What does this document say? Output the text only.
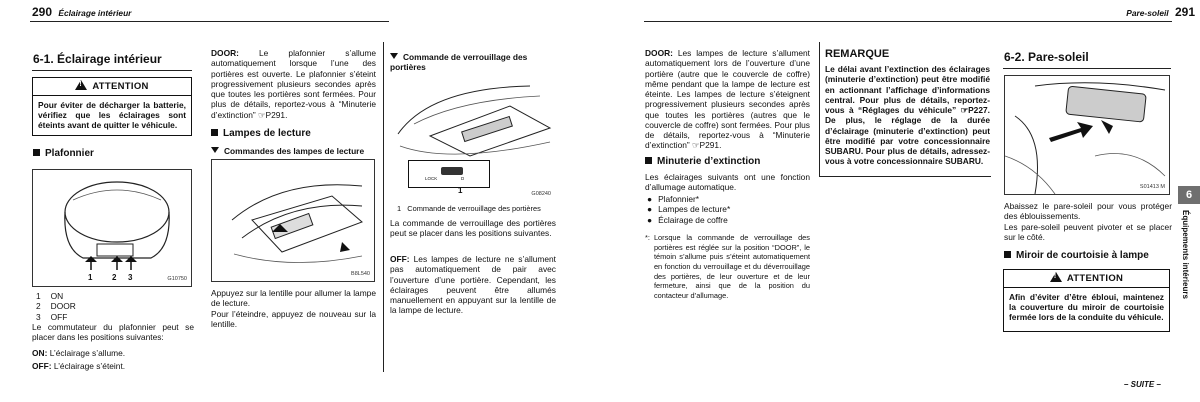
290 Éclairage intérieur
6-1. Éclairage intérieur
!ATTENTION
Pour éviter de décharger la batterie, vérifiez que les éclairages sont éteints avant de quitter le véhicule.
Plafonnier
1 2 3	G10750
1 ON
2 DOOR
3 OFF
Le commutateur du plafonnier peut se placer dans les positions suivantes:
ON: L’éclairage s’allume.
OFF: L’éclairage s’éteint.
DOOR: Le plafonnier s’allume automatiquement lorsque l’une des portières est ouverte. Le plafonnier s’éteint progressivement plusieurs secondes après que toutes les portières sont fermées. Pour plus de détails, reportez-vous à “Minuterie d’extinction” ☞P291.
Lampes de lecture
Commandes des lampes de lecture
B8L540
Appuyez sur la lentille pour allumer la lampe de lecture.
Pour l’éteindre, appuyez de nouveau sur la lentille.
Commande de verrouillage des portières
LOCK	D
1	G08240
1 Commande de verrouillage des portières
La commande de verrouillage des portières peut se placer dans les positions suivantes.
OFF: Les lampes de lecture ne s’allument pas automatiquement de pair avec l’ouverture d’une portière. Cependant, les éclairages peuvent être allumés manuellement en appuyant sur la lentille de la lampe de lecture.
Pare-soleil 291
DOOR: Les lampes de lecture s’allument automatiquement lors de l’ouverture d’une portière (autre que le couvercle de coffre) même pendant que la lampe de lecture est éteinte. Les lampes de lecture s’éteignent progressivement plusieurs secondes après que toutes les portières (autres que le couvercle de coffre) sont fermées. Pour plus de détails, reportez-vous à “Minuterie d’extinction” ☞P291.
Minuterie d’extinction
Les éclairages suivants ont une fonction d’allumage automatique.
● Plafonnier*
● Lampes de lecture*
● Éclairage de coffre
*: Lorsque la commande de verrouillage des portières est réglée sur la position “DOOR”, le témoin s’allume puis s’éteint automatiquement en fonction du verrouillage et du déverrouillage des portières, de leur ouverture et de leur fermeture, ainsi que de la position du contacteur d’allumage.
REMARQUE
Le délai avant l’extinction des éclairages (minuterie d’extinction) peut être modifié en actionnant l’affichage d’informations central. Pour plus de détails, reportez-vous à “Réglages du véhicule” ☞P227. De plus, le réglage de la durée d’éclairage (minuterie d’extinction) peut être modifié par votre concessionnaire SUBARU. Pour plus de détails, adressez-vous à votre concessionnaire SUBARU.
6-2. Pare-soleil
S01413 M
Abaissez le pare-soleil pour vous protéger des éblouissements.
Les pare-soleil peuvent pivoter et se placer sur le côté.
Miroir de courtoisie à lampe
!ATTENTION
Afin d’éviter d’être ébloui, maintenez la couverture du miroir de courtoisie fermée lors de la conduite du véhicule.
– SUITE –
6
Équipements intérieurs
